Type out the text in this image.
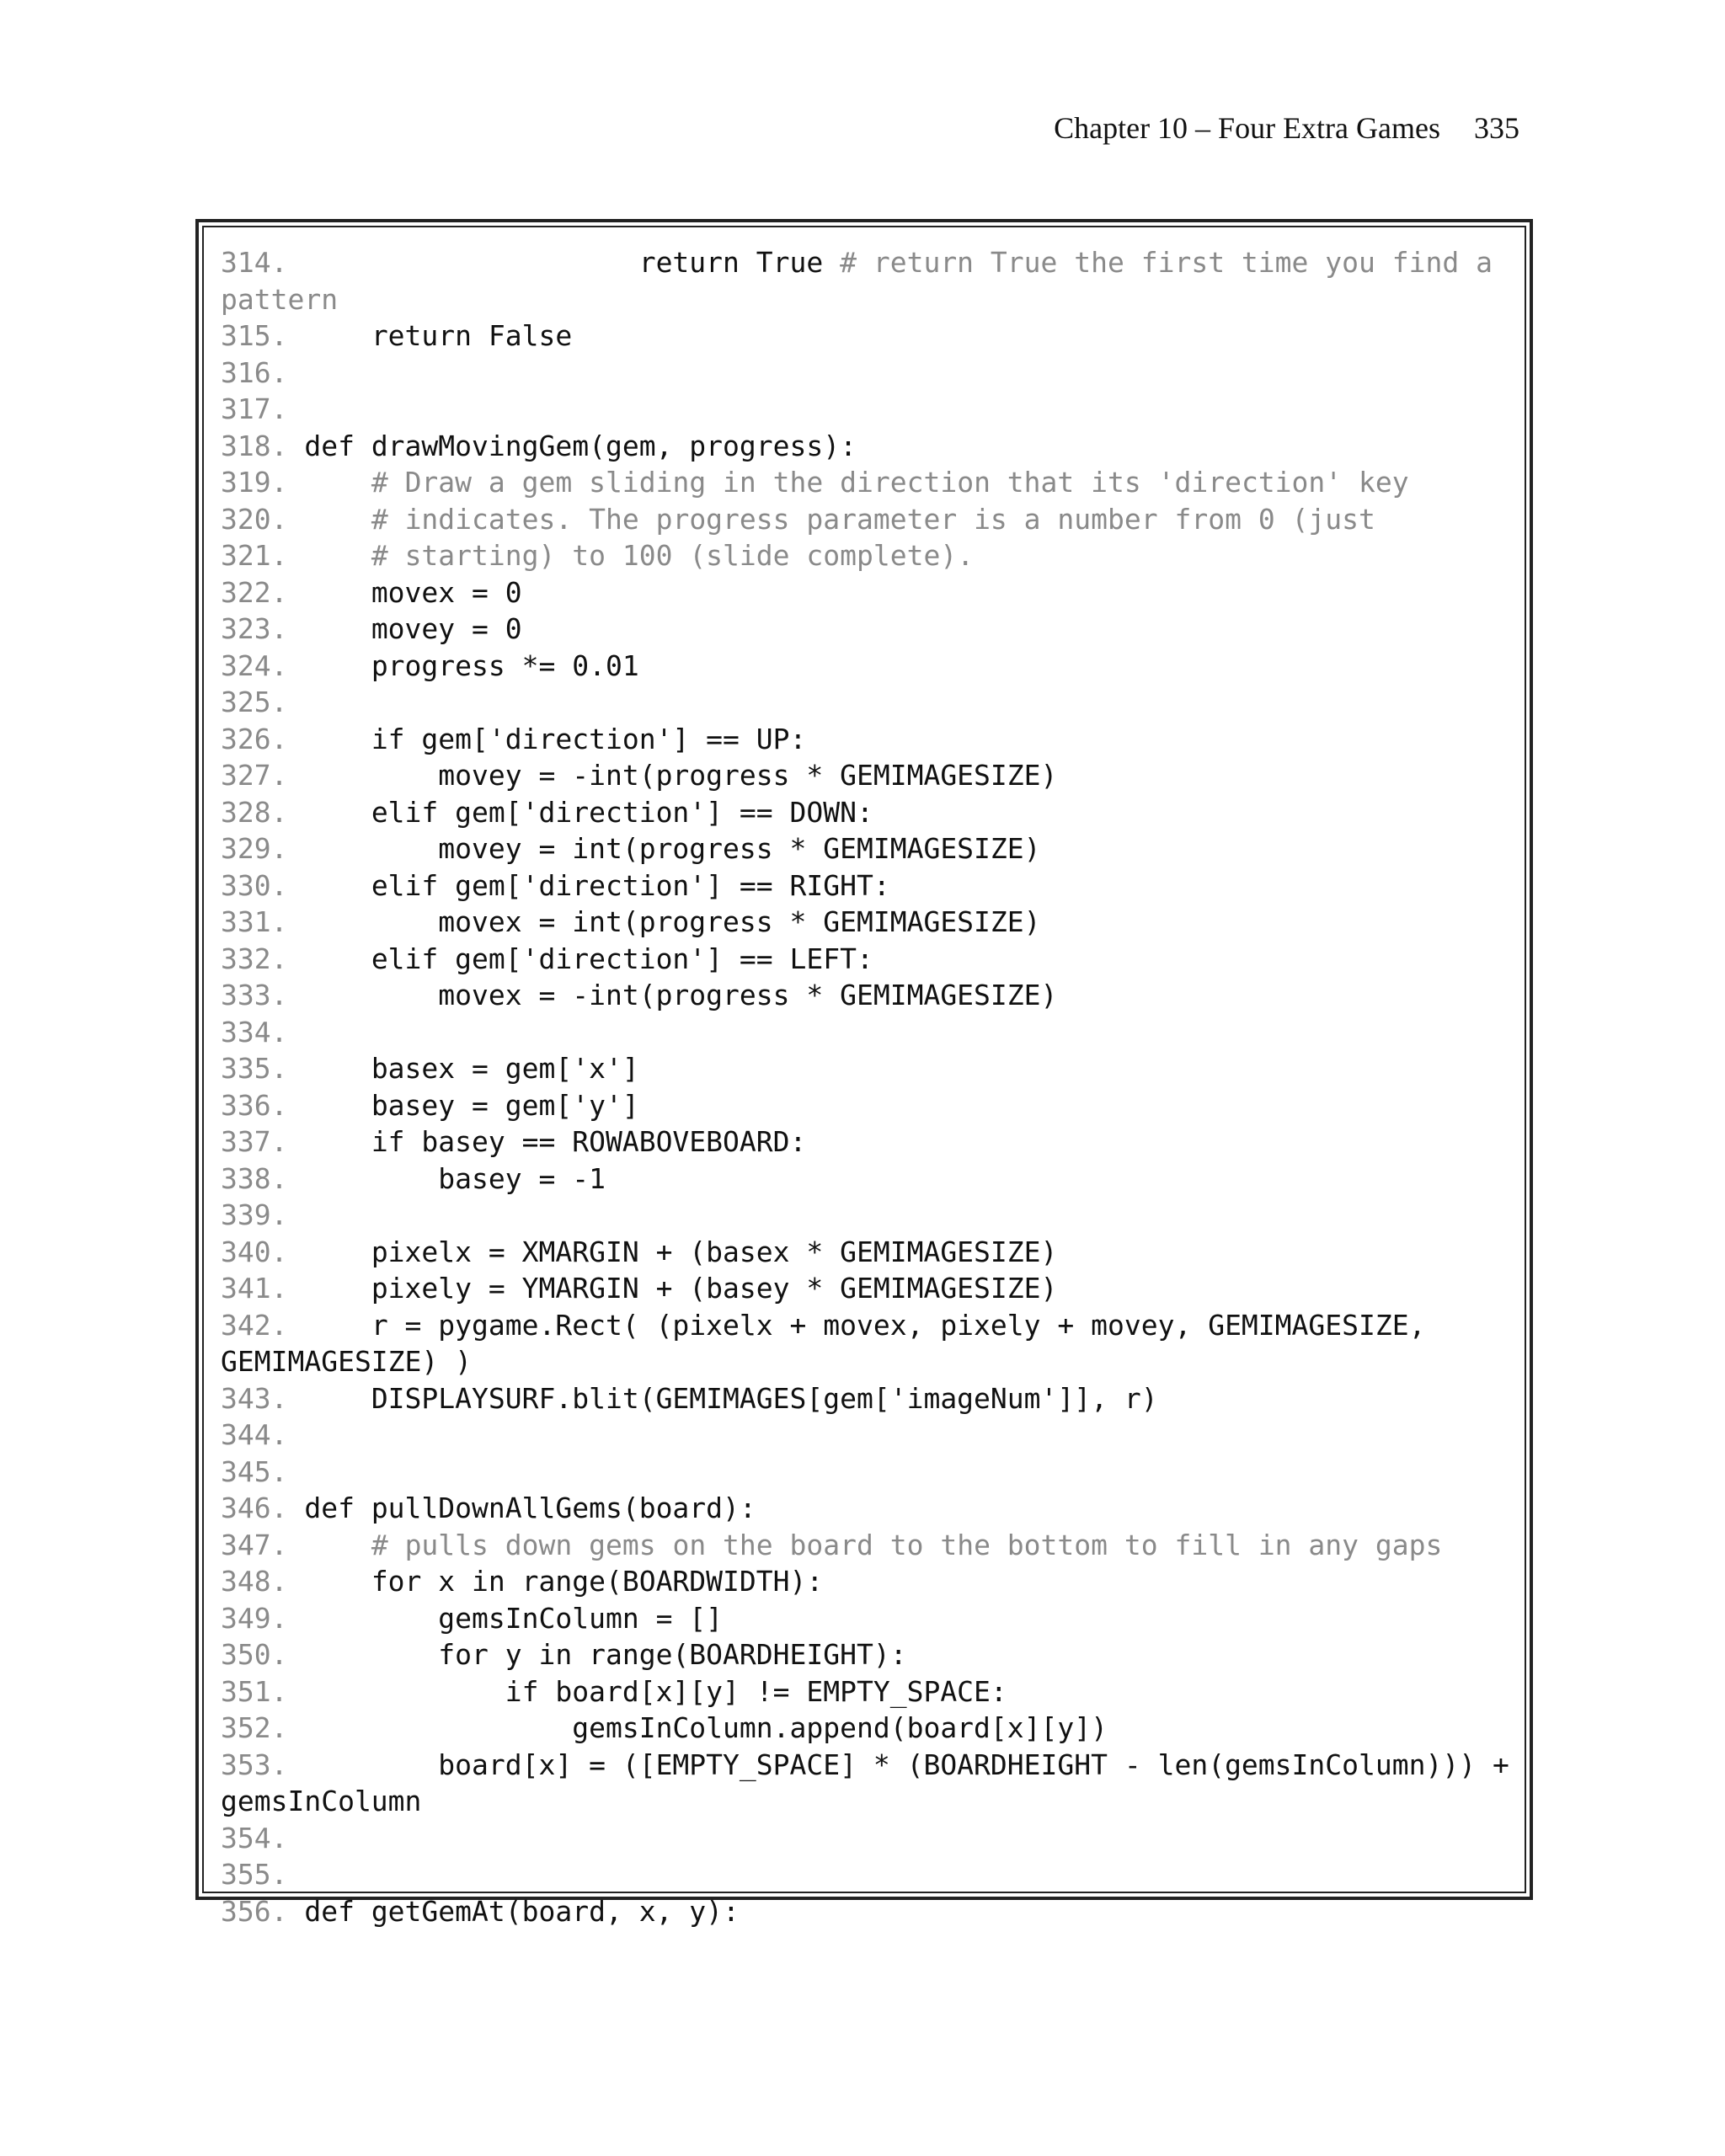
Chapter 10 – Four Extra Games 335
314.                     return True # return True the first time you find a
pattern
315.     return False
316.
317.
318. def drawMovingGem(gem, progress):
319.     # Draw a gem sliding in the direction that its 'direction' key
320.     # indicates. The progress parameter is a number from 0 (just
321.     # starting) to 100 (slide complete).
322.     movex = 0
323.     movey = 0
324.     progress *= 0.01
325.
326.     if gem['direction'] == UP:
327.         movey = -int(progress * GEMIMAGESIZE)
328.     elif gem['direction'] == DOWN:
329.         movey = int(progress * GEMIMAGESIZE)
330.     elif gem['direction'] == RIGHT:
331.         movex = int(progress * GEMIMAGESIZE)
332.     elif gem['direction'] == LEFT:
333.         movex = -int(progress * GEMIMAGESIZE)
334.
335.     basex = gem['x']
336.     basey = gem['y']
337.     if basey == ROWABOVEBOARD:
338.         basey = -1
339.
340.     pixelx = XMARGIN + (basex * GEMIMAGESIZE)
341.     pixely = YMARGIN + (basey * GEMIMAGESIZE)
342.     r = pygame.Rect( (pixelx + movex, pixely + movey, GEMIMAGESIZE,
GEMIMAGESIZE) )
343.     DISPLAYSURF.blit(GEMIMAGES[gem['imageNum']], r)
344.
345.
346. def pullDownAllGems(board):
347.     # pulls down gems on the board to the bottom to fill in any gaps
348.     for x in range(BOARDWIDTH):
349.         gemsInColumn = []
350.         for y in range(BOARDHEIGHT):
351.             if board[x][y] != EMPTY_SPACE:
352.                 gemsInColumn.append(board[x][y])
353.         board[x] = ([EMPTY_SPACE] * (BOARDHEIGHT - len(gemsInColumn))) +
gemsInColumn
354.
355.
356. def getGemAt(board, x, y):
